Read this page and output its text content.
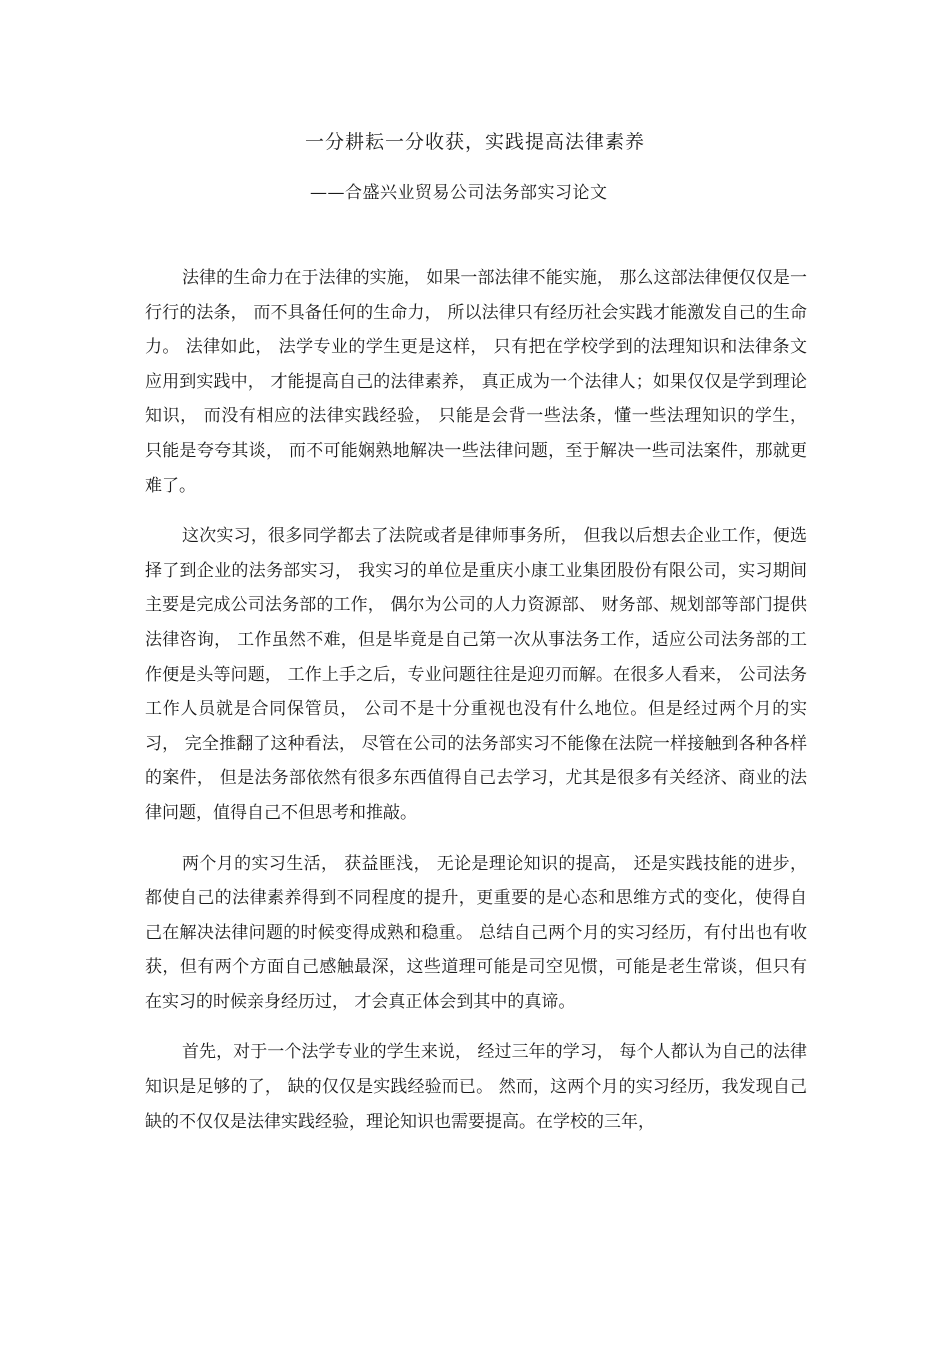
一分耕耘一分收获，实践提高法律素养

——合盛兴业贸易公司法务部实习论文

法律的生命力在于法律的实施， 如果一部法律不能实施， 那么这部法律便仅仅是一行行的法条， 而不具备任何的生命力， 所以法律只有经历社会实践才能激发自己的生命力。 法律如此， 法学专业的学生更是这样， 只有把在学校学到的法理知识和法律条文应用到实践中， 才能提高自己的法律素养， 真正成为一个法律人；如果仅仅是学到理论知识， 而没有相应的法律实践经验， 只能是会背一些法条，懂一些法理知识的学生， 只能是夸夸其谈， 而不可能娴熟地解决一些法律问题，至于解决一些司法案件，那就更难了。

这次实习，很多同学都去了法院或者是律师事务所， 但我以后想去企业工作，便选择了到企业的法务部实习， 我实习的单位是重庆小康工业集团股份有限公司，实习期间主要是完成公司法务部的工作， 偶尔为公司的人力资源部、 财务部、规划部等部门提供法律咨询， 工作虽然不难，但是毕竟是自己第一次从事法务工作，适应公司法务部的工作便是头等问题， 工作上手之后，专业问题往往是迎刃而解。在很多人看来， 公司法务工作人员就是合同保管员， 公司不是十分重视也没有什么地位。但是经过两个月的实习， 完全推翻了这种看法， 尽管在公司的法务部实习不能像在法院一样接触到各种各样的案件， 但是法务部依然有很多东西值得自己去学习，尤其是很多有关经济、商业的法律问题，值得自己不但思考和推敲。

两个月的实习生活， 获益匪浅， 无论是理论知识的提高， 还是实践技能的进步，都使自己的法律素养得到不同程度的提升，更重要的是心态和思维方式的变化，使得自己在解决法律问题的时候变得成熟和稳重。 总结自己两个月的实习经历，有付出也有收获，但有两个方面自己感触最深，这些道理可能是司空见惯，可能是老生常谈，但只有在实习的时候亲身经历过， 才会真正体会到其中的真谛。

首先，对于一个法学专业的学生来说， 经过三年的学习， 每个人都认为自己的法律知识是足够的了， 缺的仅仅是实践经验而已。 然而，这两个月的实习经历，我发现自己缺的不仅仅是法律实践经验，理论知识也需要提高。在学校的三年，
